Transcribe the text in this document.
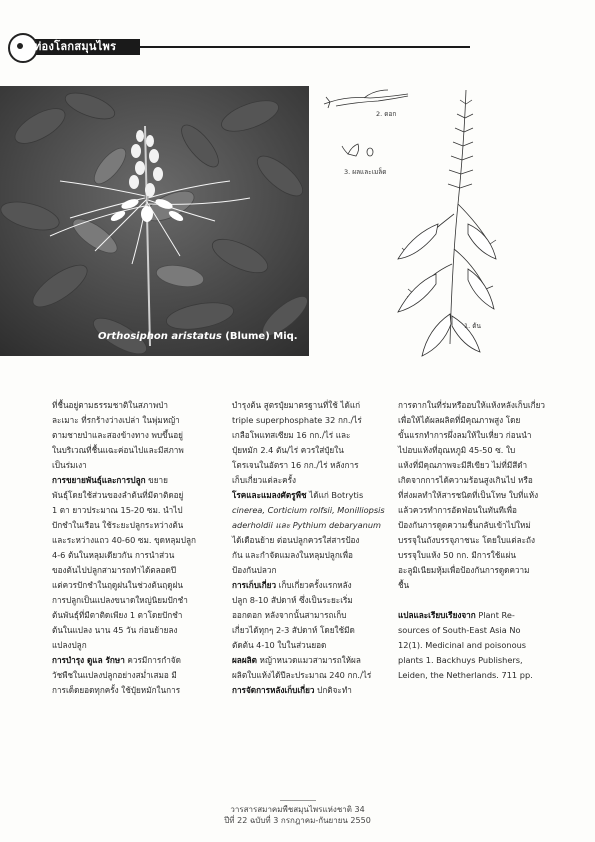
ท่องโลกสมุนไพร
Orthosiphon aristatus (Blume) Miq.
2. ดอก
3. ผลและเมล็ด
1. ต้น

ที่ชื้นอยู่ตามธรรมชาติในสภาพป่า

ละเมาะ ที่รกร้างว่างเปล่า ในพุ่มหญ้า

ตามชายป่าและสองข้างทาง พบขึ้นอยู่

ในบริเวณที่ชื้นแฉะค่อนไปและมีสภาพ

เป็นร่มเงา

การขยายพันธุ์และการปลูก ขยาย

พันธุ์โดยใช้ส่วนของลำต้นที่มีตาติดอยู่

1 ตา ยาวประมาณ 15-20 ซม. นำไป

ปักชำในเรือน ใช้ระยะปลูกระหว่างต้น

และระหว่างแถว 40-60 ซม. ขุดหลุมปลูก

4-6 ต้นในหลุมเดียวกัน การนำส่วน

ของต้นไปปลูกสามารถทำได้ตลอดปี

แต่ควรปักชำในฤดูฝนในช่วงต้นฤดูฝน

การปลูกเป็นแปลงขนาดใหญ่นิยมปักชำ

ต้นพันธุ์ที่มีตาติดเพียง 1 ตาโดยปักชำ

ต้นในแปลง นาน 45 วัน ก่อนย้ายลง

แปลงปลูก

การบำรุง ดูแล รักษา ควรมีการกำจัด

วัชพืชในแปลงปลูกอย่างสม่ำเสมอ มี

การเด็ดยอดทุกครั้ง ใช้ปุ๋ยหมักในการ

บำรุงต้น สูตรปุ๋ยมาตรฐานที่ใช้ ได้แก่

triple superphosphate 32 กก./ไร่

เกลือโพแทสเซียม 16 กก./ไร่ และ

ปุ๋ยหมัก 2.4 ตัน/ไร่ ควรใส่ปุ๋ยใน

โตรเจนในอัตรา 16 กก./ไร่ หลังการ

เก็บเกี่ยวแต่ละครั้ง

โรคและแมลงศัตรูพืช ได้แก่ Botrytis

cinerea, Corticium rolfsii, Monilliopsis

aderholdii และ Pythium debaryanum

ได้เดือนย้าย ต่อนปลูกควรใส่สารป้อง

กัน และกำจัดแมลงในหลุมปลูกเพื่อ

ป้องกันปลวก

การเก็บเกี่ยว เก็บเกี่ยวครั้งแรกหลัง

ปลูก 8-10 สัปดาห์ ซึ่งเป็นระยะเริ่ม

ออกดอก หลังจากนั้นสามารถเก็บ

เกี่ยวได้ทุกๆ 2-3 สัปดาห์ โดยใช้มีด

ตัดต้น 4-10 ใบในส่วนยอด

ผลผลิต หญ้าหนวดแมวสามารถให้ผล

ผลิตใบแห้งได้ปีละประมาณ 240 กก./ไร่

การจัดการหลังเก็บเกี่ยว ปกติจะทำ

การตากในที่ร่มหรืออบให้แห้งหลังเก็บเกี่ยว

เพื่อให้ได้ผลผลิตที่มีคุณภาพสูง โดย

ขั้นแรกทำการผึ่งลมให้ใบเหี่ยว ก่อนนำ

ไปอบแห้งที่อุณหภูมิ 45-50 ซ. ใบ

แห้งที่มีคุณภาพจะมีสีเขียว ไม่ที่มีสีดำ

เกิดจากการได้ความร้อนสูงเกินไป หรือ

ที่ส่งผลทำให้สารชนิดที่เป็นโทษ ใบที่แห้ง

แล้วควรทำการอัดฟ่อนในทันทีเพื่อ

ป้องกันการดูดความชื้นกลับเข้าไปใหม่

บรรจุในถังบรรจุภาชนะ โดยใบแต่ละถัง

บรรจุใบแห้ง 50 กก. มีการใช้แผ่น

อะลูมิเนียมหุ้มเพื่อป้องกันการดูดความ

ชื้น

แปลและเรียบเรียงจาก Plant Re-

sources of South-East Asia No

12(1). Medicinal and poisonous

plants 1. Backhuys Publishers,

Leiden, the Netherlands. 711 pp.

วารสารสมาคมพืชสมุนไพรแห่งชาติ 34
ปีที่ 22 ฉบับที่ 3 กรกฎาคม-กันยายน 2550
